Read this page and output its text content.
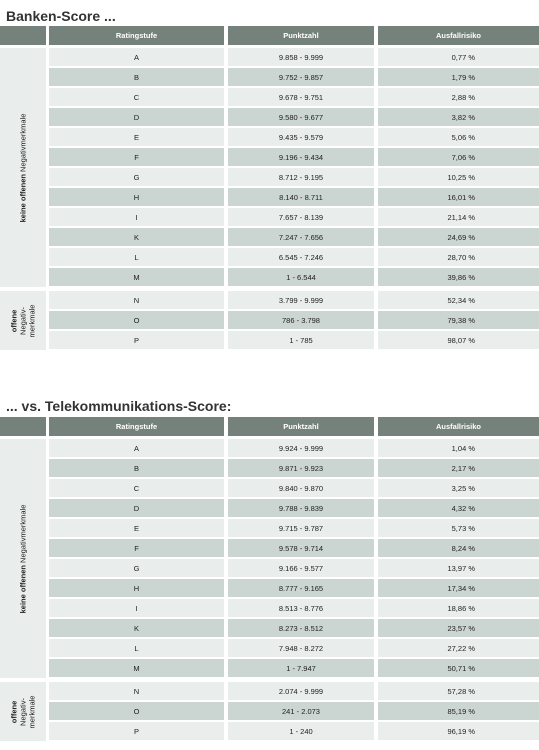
Banken-Score ...
Ratingstufe	Punktzahl	Ausfallrisiko
A	9.858 - 9.999	0,77 %
B	9.752 - 9.857	1,79 %
C	9.678 - 9.751	2,88 %
D	9.580 - 9.677	3,82 %
E	9.435 - 9.579	5,06 %
F	9.196 - 9.434	7,06 %
G	8.712 - 9.195	10,25 %
H	8.140 - 8.711	16,01 %
I	7.657 - 8.139	21,14 %
K	7.247 - 7.656	24,69 %
L	6.545 - 7.246	28,70 %
M	1 - 6.544	39,86 %
N	3.799 - 9.999	52,34 %
O	786 - 3.798	79,38 %
P	1 - 785	98,07 %
keine offenen Negativmerkmale
offene Negativ- merkmale
... vs. Telekommunikations-Score:
Ratingstufe	Punktzahl	Ausfallrisiko
A	9.924 - 9.999	1,04 %
B	9.871 - 9.923	2,17 %
C	9.840 - 9.870	3,25 %
D	9.788 - 9.839	4,32 %
E	9.715 - 9.787	5,73 %
F	9.578 - 9.714	8,24 %
G	9.166 - 9.577	13,97 %
H	8.777 - 9.165	17,34 %
I	8.513 - 8.776	18,86 %
K	8.273 - 8.512	23,57 %
L	7.948 - 8.272	27,22 %
M	1 - 7.947	50,71 %
N	2.074 - 9.999	57,28 %
O	241 - 2.073	85,19 %
P	1 - 240	96,19 %
keine offenen Negativmerkmale
offene Negativ- merkmale
